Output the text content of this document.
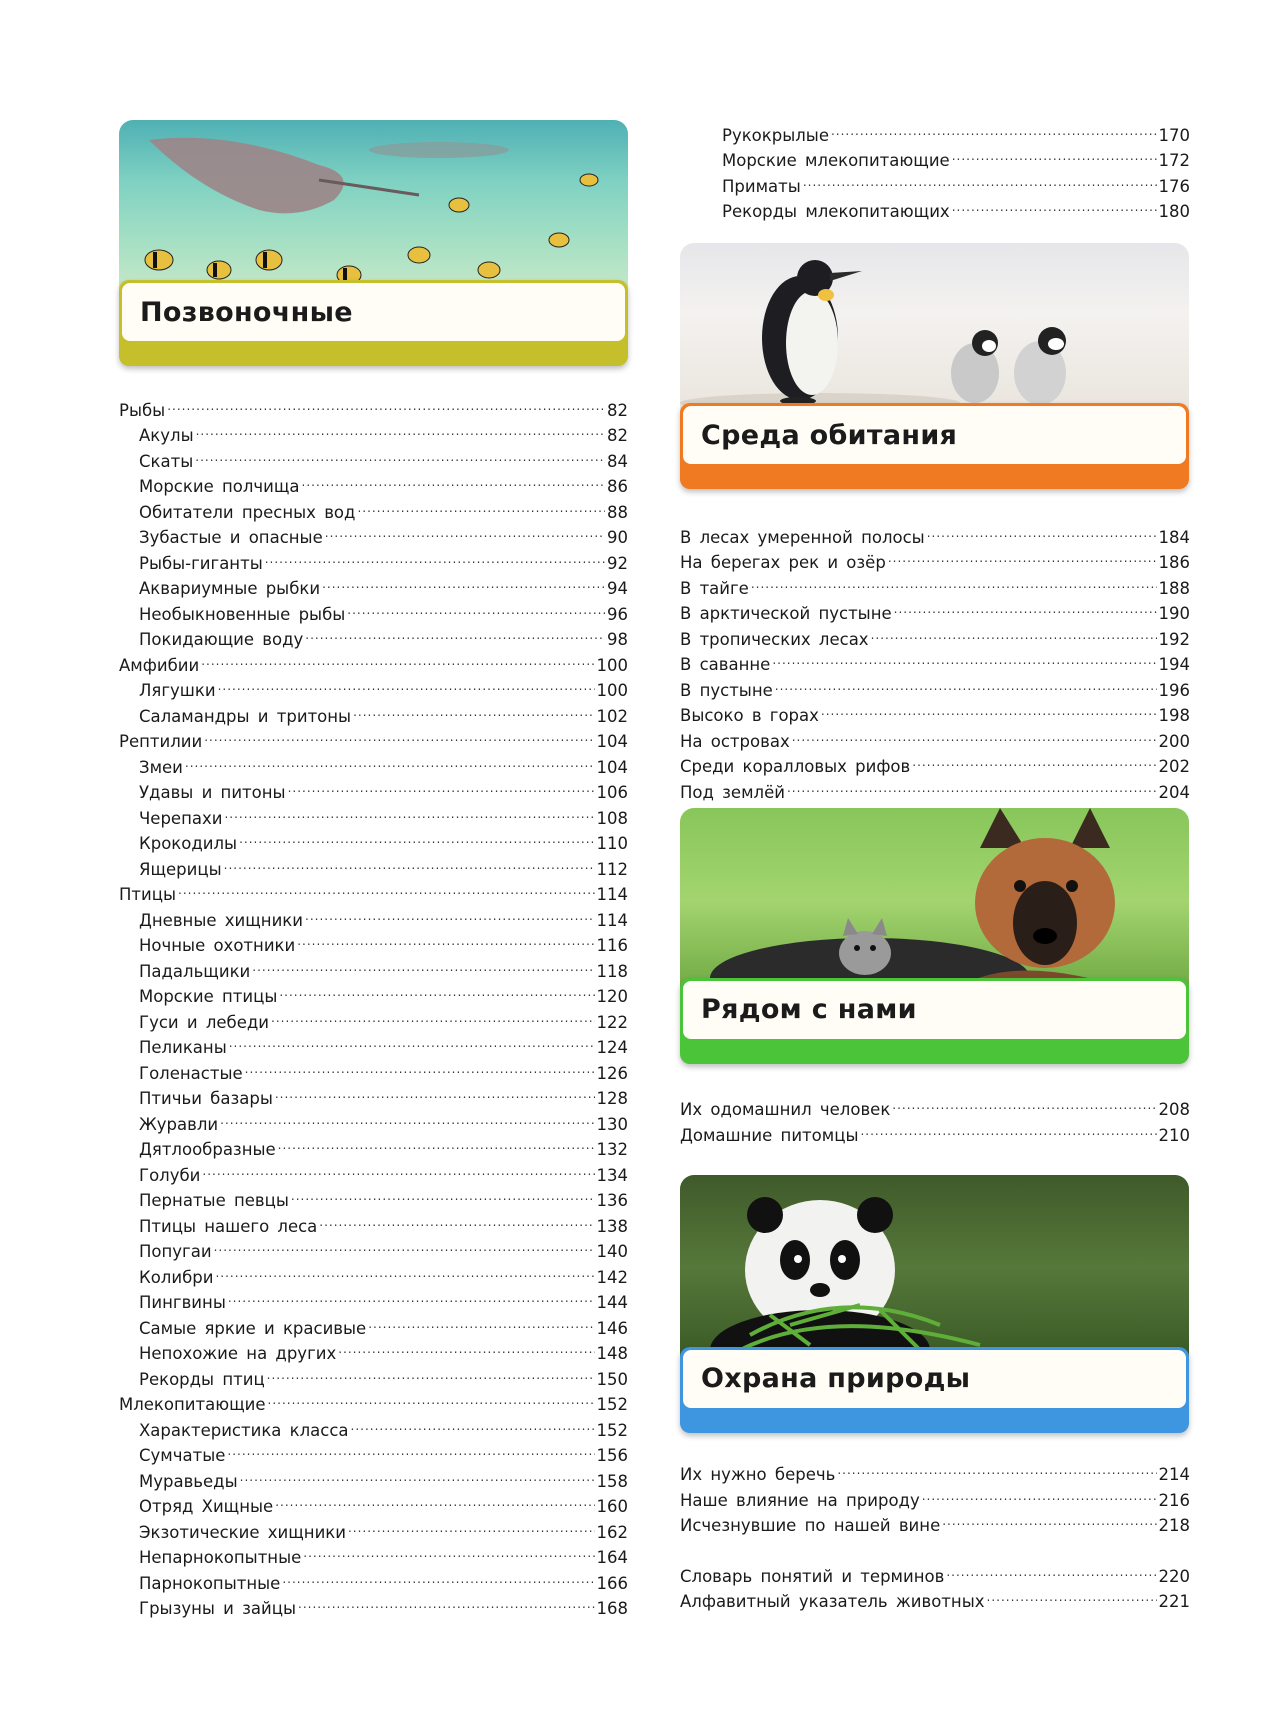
Позвоночные
Рыбы .....	82
Акулы .....	82
Скаты .....	84
Морские полчища .....	86
Обитатели пресных вод .....	88
Зубастые и опасные .....	90
Рыбы-гиганты .....	92
Аквариумные рыбки .....	94
Необыкновенные рыбы .....	96
Покидающие воду .....	98
Амфибии .....	100
Лягушки .....	100
Саламандры и тритоны .....	102
Рептилии .....	104
Змеи .....	104
Удавы и питоны .....	106
Черепахи .....	108
Крокодилы .....	110
Ящерицы .....	112
Птицы .....	114
Дневные хищники .....	114
Ночные охотники .....	116
Падальщики .....	118
Морские птицы .....	120
Гуси и лебеди .....	122
Пеликаны .....	124
Голенастые .....	126
Птичьи базары .....	128
Журавли .....	130
Дятлообразные .....	132
Голуби .....	134
Пернатые певцы .....	136
Птицы нашего леса .....	138
Попугаи .....	140
Колибри .....	142
Пингвины .....	144
Самые яркие и красивые .....	146
Непохожие на других .....	148
Рекорды птиц .....	150
Млекопитающие .....	152
Характеристика класса .....	152
Сумчатые .....	156
Муравьеды .....	158
Отряд Хищные .....	160
Экзотические хищники .....	162
Непарнокопытные .....	164
Парнокопытные .....	166
Грызуны и зайцы .....	168
Рукокрылые .....	170
Морские млекопитающие .....	172
Приматы .....	176
Рекорды млекопитающих .....	180
Среда обитания
В лесах умеренной полосы .....	184
На берегах рек и озёр .....	186
В тайге .....	188
В арктической пустыне .....	190
В тропических лесах .....	192
В саванне .....	194
В пустыне .....	196
Высоко в горах .....	198
На островах .....	200
Среди коралловых рифов .....	202
Под землёй .....	204
Рядом с нами
Их одомашнил человек .....	208
Домашние питомцы .....	210
Охрана природы
Их нужно беречь .....	214
Наше влияние на природу .....	216
Исчезнувшие по нашей вине .....	218
Словарь понятий и терминов .....	220
Алфавитный указатель животных .....	221
